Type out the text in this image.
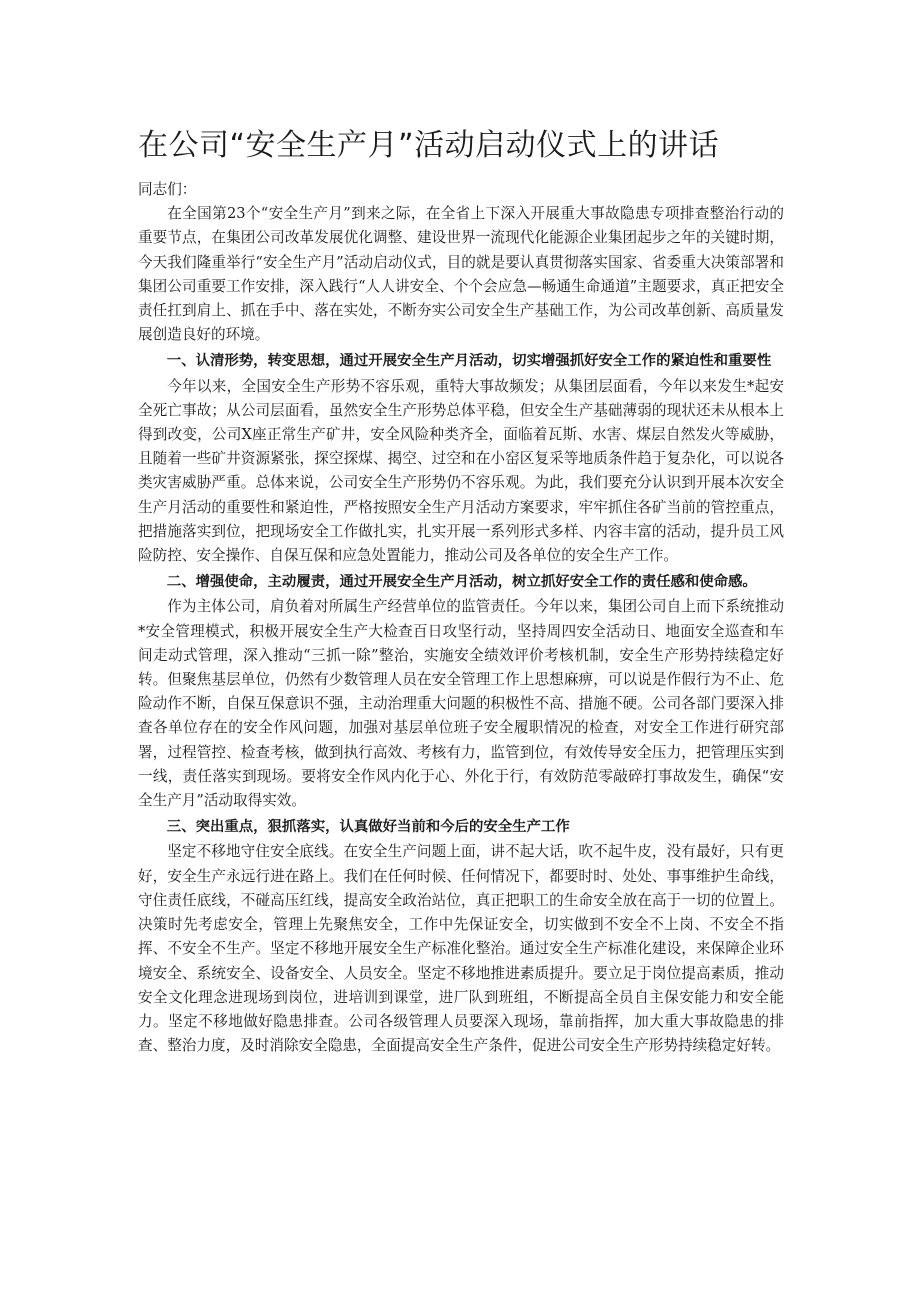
在公司“安全生产月”活动启动仪式上的讲话

同志们：

在全国第23个“安全生产月”到来之际，在全省上下深入开展重大事故隐患专项排查整治行动的重要节点，在集团公司改革发展优化调整、建设世界一流现代化能源企业集团起步之年的关键时期，今天我们隆重举行“安全生产月”活动启动仪式，目的就是要认真贯彻落实国家、省委重大决策部署和集团公司重要工作安排，深入践行“人人讲安全、个个会应急—畅通生命通道”主题要求，真正把安全责任扛到肩上、抓在手中、落在实处，不断夯实公司安全生产基础工作，为公司改革创新、高质量发展创造良好的环境。

一、认清形势，转变思想，通过开展安全生产月活动，切实增强抓好安全工作的紧迫性和重要性

今年以来，全国安全生产形势不容乐观，重特大事故频发；从集团层面看，今年以来发生*起安全死亡事故；从公司层面看，虽然安全生产形势总体平稳，但安全生产基础薄弱的现状还未从根本上得到改变，公司X座正常生产矿井，安全风险种类齐全，面临着瓦斯、水害、煤层自然发火等威胁，且随着一些矿井资源紧张，探空探煤、揭空、过空和在小窑区复采等地质条件趋于复杂化，可以说各类灾害威胁严重。总体来说，公司安全生产形势仍不容乐观。为此，我们要充分认识到开展本次安全生产月活动的重要性和紧迫性，严格按照安全生产月活动方案要求，牢牢抓住各矿当前的管控重点，把措施落实到位，把现场安全工作做扎实，扎实开展一系列形式多样、内容丰富的活动，提升员工风险防控、安全操作、自保互保和应急处置能力，推动公司及各单位的安全生产工作。

二、增强使命，主动履责，通过开展安全生产月活动，树立抓好安全工作的责任感和使命感。

作为主体公司，肩负着对所属生产经营单位的监管责任。今年以来，集团公司自上而下系统推动*安全管理模式，积极开展安全生产大检查百日攻坚行动，坚持周四安全活动日、地面安全巡查和车间走动式管理，深入推动“三抓一除”整治，实施安全绩效评价考核机制，安全生产形势持续稳定好转。但聚焦基层单位，仍然有少数管理人员在安全管理工作上思想麻痹，可以说是作假行为不止、危险动作不断，自保互保意识不强，主动治理重大问题的积极性不高、措施不硬。公司各部门要深入排查各单位存在的安全作风问题，加强对基层单位班子安全履职情况的检查，对安全工作进行研究部署，过程管控、检查考核，做到执行高效、考核有力，监管到位，有效传导安全压力，把管理压实到一线，责任落实到现场。要将安全作风内化于心、外化于行，有效防范零敲碎打事故发生，确保“安全生产月”活动取得实效。

三、突出重点，狠抓落实，认真做好当前和今后的安全生产工作

坚定不移地守住安全底线。在安全生产问题上面，讲不起大话，吹不起牛皮，没有最好，只有更好，安全生产永远行进在路上。我们在任何时候、任何情况下，都要时时、处处、事事维护生命线，守住责任底线，不碰高压红线，提高安全政治站位，真正把职工的生命安全放在高于一切的位置上。决策时先考虑安全，管理上先聚焦安全，工作中先保证安全，切实做到不安全不上岗、不安全不指挥、不安全不生产。坚定不移地开展安全生产标准化整治。通过安全生产标准化建设，来保障企业环境安全、系统安全、设备安全、人员安全。坚定不移地推进素质提升。要立足于岗位提高素质，推动安全文化理念进现场到岗位，进培训到课堂，进厂队到班组，不断提高全员自主保安能力和安全能力。坚定不移地做好隐患排查。公司各级管理人员要深入现场，靠前指挥，加大重大事故隐患的排查、整治力度，及时消除安全隐患，全面提高安全生产条件，促进公司安全生产形势持续稳定好转。
